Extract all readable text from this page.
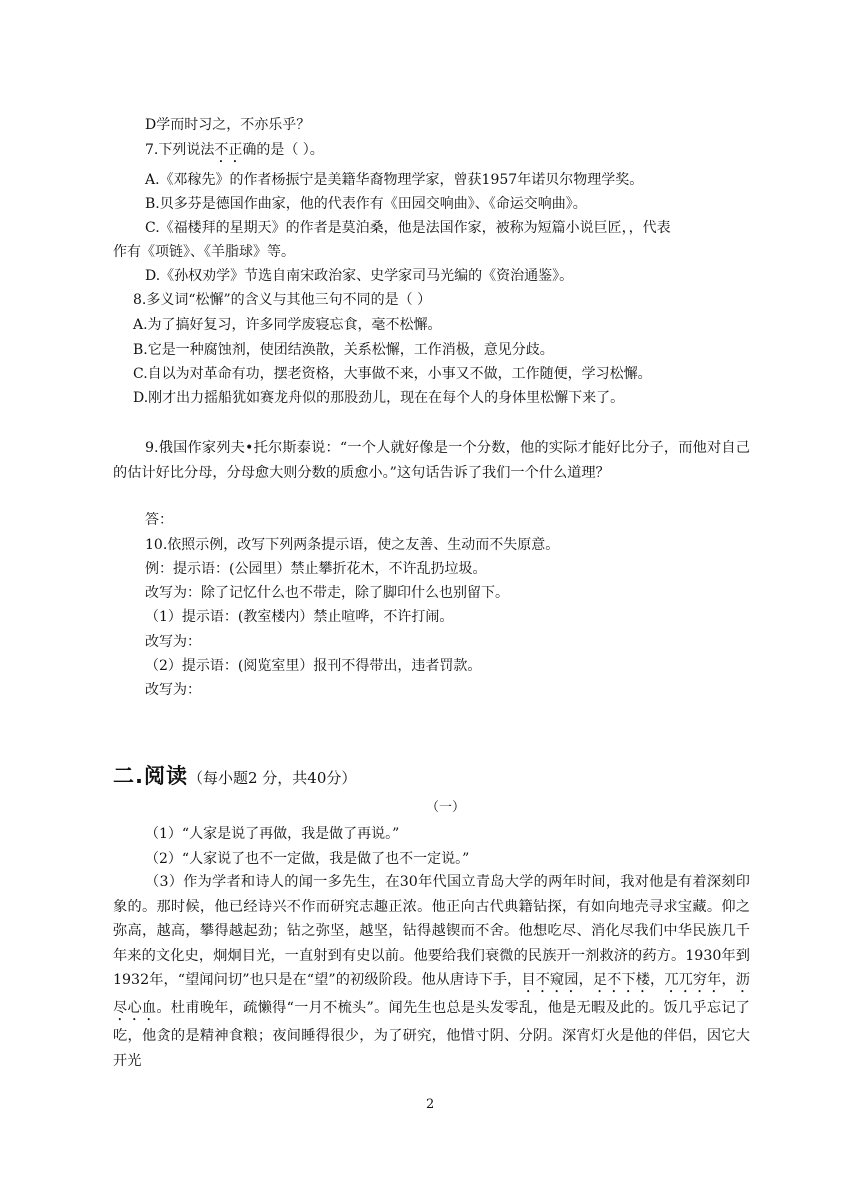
D学而时习之，不亦乐乎？
7.下列说法不正确的是（ ）。
A.《邓稼先》的作者杨振宁是美籍华裔物理学家，曾获1957年诺贝尔物理学奖。
B.贝多芬是德国作曲家，他的代表作有《田园交响曲》、《命运交响曲》。
C.《福楼拜的星期天》的作者是莫泊桑，他是法国作家，被称为短篇小说巨匠，，代表
作有《项链》、《羊脂球》等。
D.《孙权劝学》节选自南宋政治家、史学家司马光编的《资治通鉴》。
8.多义词“松懈”的含义与其他三句不同的是（ ）
A.为了搞好复习，许多同学废寝忘食，毫不松懈。
B.它是一种腐蚀剂，使团结涣散，关系松懈，工作消极，意见分歧。
C.自以为对革命有功，摆老资格，大事做不来，小事又不做，工作随便，学习松懈。
D.刚才出力摇船犹如赛龙舟似的那股劲儿，现在在每个人的身体里松懈下来了。
9.俄国作家列夫•托尔斯泰说：“一个人就好像是一个分数，他的实际才能好比分子，而他对自己的估计好比分母，分母愈大则分数的质愈小。”这句话告诉了我们一个什么道理？
答：
10.依照示例，改写下列两条提示语，使之友善、生动而不失原意。
例：提示语：(公园里）禁止攀折花木，不许乱扔垃圾。
改写为：除了记忆什么也不带走，除了脚印什么也别留下。
（1）提示语：(教室楼内）禁止喧哗，不许打闹。
改写为：
（2）提示语：(阅览室里）报刊不得带出，违者罚款。
改写为：
二.阅读（每小题2 分，共40分）
（一）
（1）“人家是说了再做，我是做了再说。”
（2）“人家说了也不一定做，我是做了也不一定说。”
（3）作为学者和诗人的闻一多先生，在30年代国立青岛大学的两年时间，我对他是有着深刻印象的。那时候，他已经诗兴不作而研究志趣正浓。他正向古代典籍钻探，有如向地壳寻求宝藏。仰之弥高，越高，攀得越起劲；钻之弥坚，越坚，钻得越锲而不舍。他想吃尽、消化尽我们中华民族几千年来的文化史，炯炯目光，一直射到有史以前。他要给我们衰微的民族开一剂救济的药方。1930年到1932年，“望闻问切”也只是在“望”的初级阶段。他从唐诗下手，目不窥园，足不下楼，兀兀穷年，沥尽心血。杜甫晚年，疏懒得“一月不梳头”。闻先生也总是头发零乱，他是无暇及此的。饭几乎忘记了吃，他贪的是精神食粮；夜间睡得很少，为了研究，他惜寸阴、分阴。深宵灯火是他的伴侣，因它大开光
2
